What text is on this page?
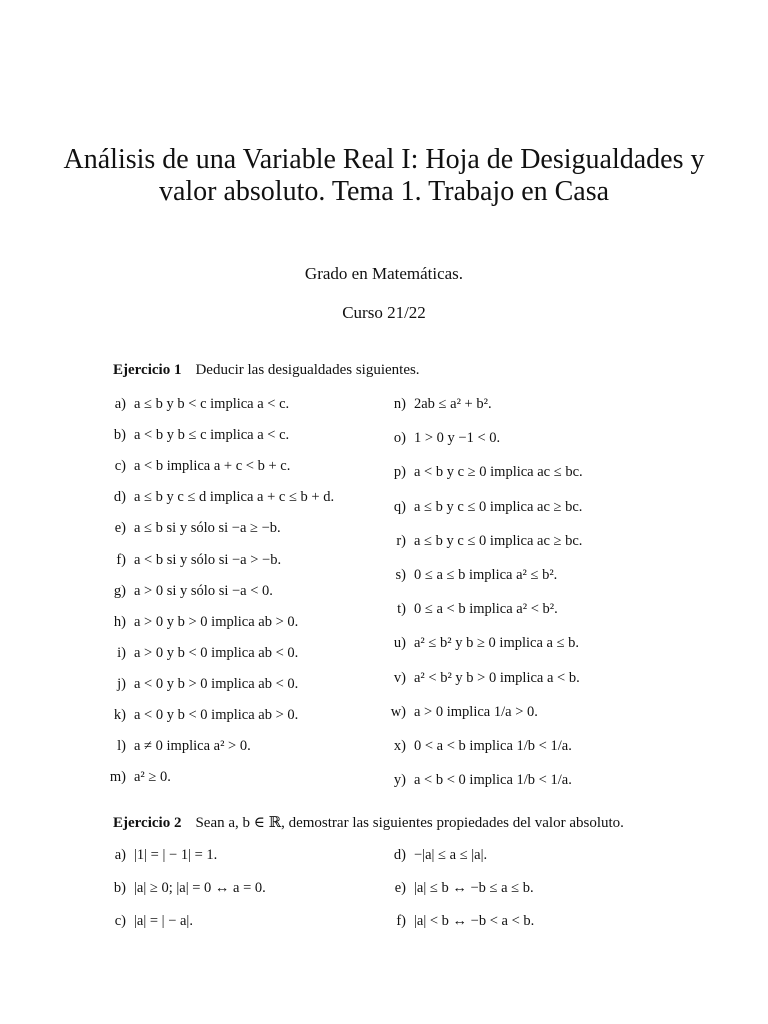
Análisis de una Variable Real I: Hoja de Desigualdades y valor absoluto. Tema 1. Trabajo en Casa
Grado en Matemáticas.
Curso 21/22
Ejercicio 1 Deducir las desigualdades siguientes.
a) a ≤ b y b < c implica a < c.
b) a < b y b ≤ c implica a < c.
c) a < b implica a + c < b + c.
d) a ≤ b y c ≤ d implica a + c ≤ b + d.
e) a ≤ b si y sólo si −a ≥ −b.
f) a < b si y sólo si −a > −b.
g) a > 0 si y sólo si −a < 0.
h) a > 0 y b > 0 implica ab > 0.
i) a > 0 y b < 0 implica ab < 0.
j) a < 0 y b > 0 implica ab < 0.
k) a < 0 y b < 0 implica ab > 0.
l) a ≠ 0 implica a² > 0.
m) a² ≥ 0.
n) 2ab ≤ a² + b².
o) 1 > 0 y −1 < 0.
p) a < b y c ≥ 0 implica ac ≤ bc.
q) a ≤ b y c ≤ 0 implica ac ≥ bc.
r) a ≤ b y c ≤ 0 implica ac ≥ bc.
s) 0 ≤ a ≤ b implica a² ≤ b².
t) 0 ≤ a < b implica a² < b².
u) a² ≤ b² y b ≥ 0 implica a ≤ b.
v) a² < b² y b > 0 implica a < b.
w) a > 0 implica 1/a > 0.
x) 0 < a < b implica 1/b < 1/a.
y) a < b < 0 implica 1/b < 1/a.
Ejercicio 2 Sean a, b ∈ ℝ, demostrar las siguientes propiedades del valor absoluto.
a) |1| = | − 1| = 1.
b) |a| ≥ 0; |a| = 0 ↔ a = 0.
c) |a| = | − a|.
d) −|a| ≤ a ≤ |a|.
e) |a| ≤ b ↔ −b ≤ a ≤ b.
f) |a| < b ↔ −b < a < b.
